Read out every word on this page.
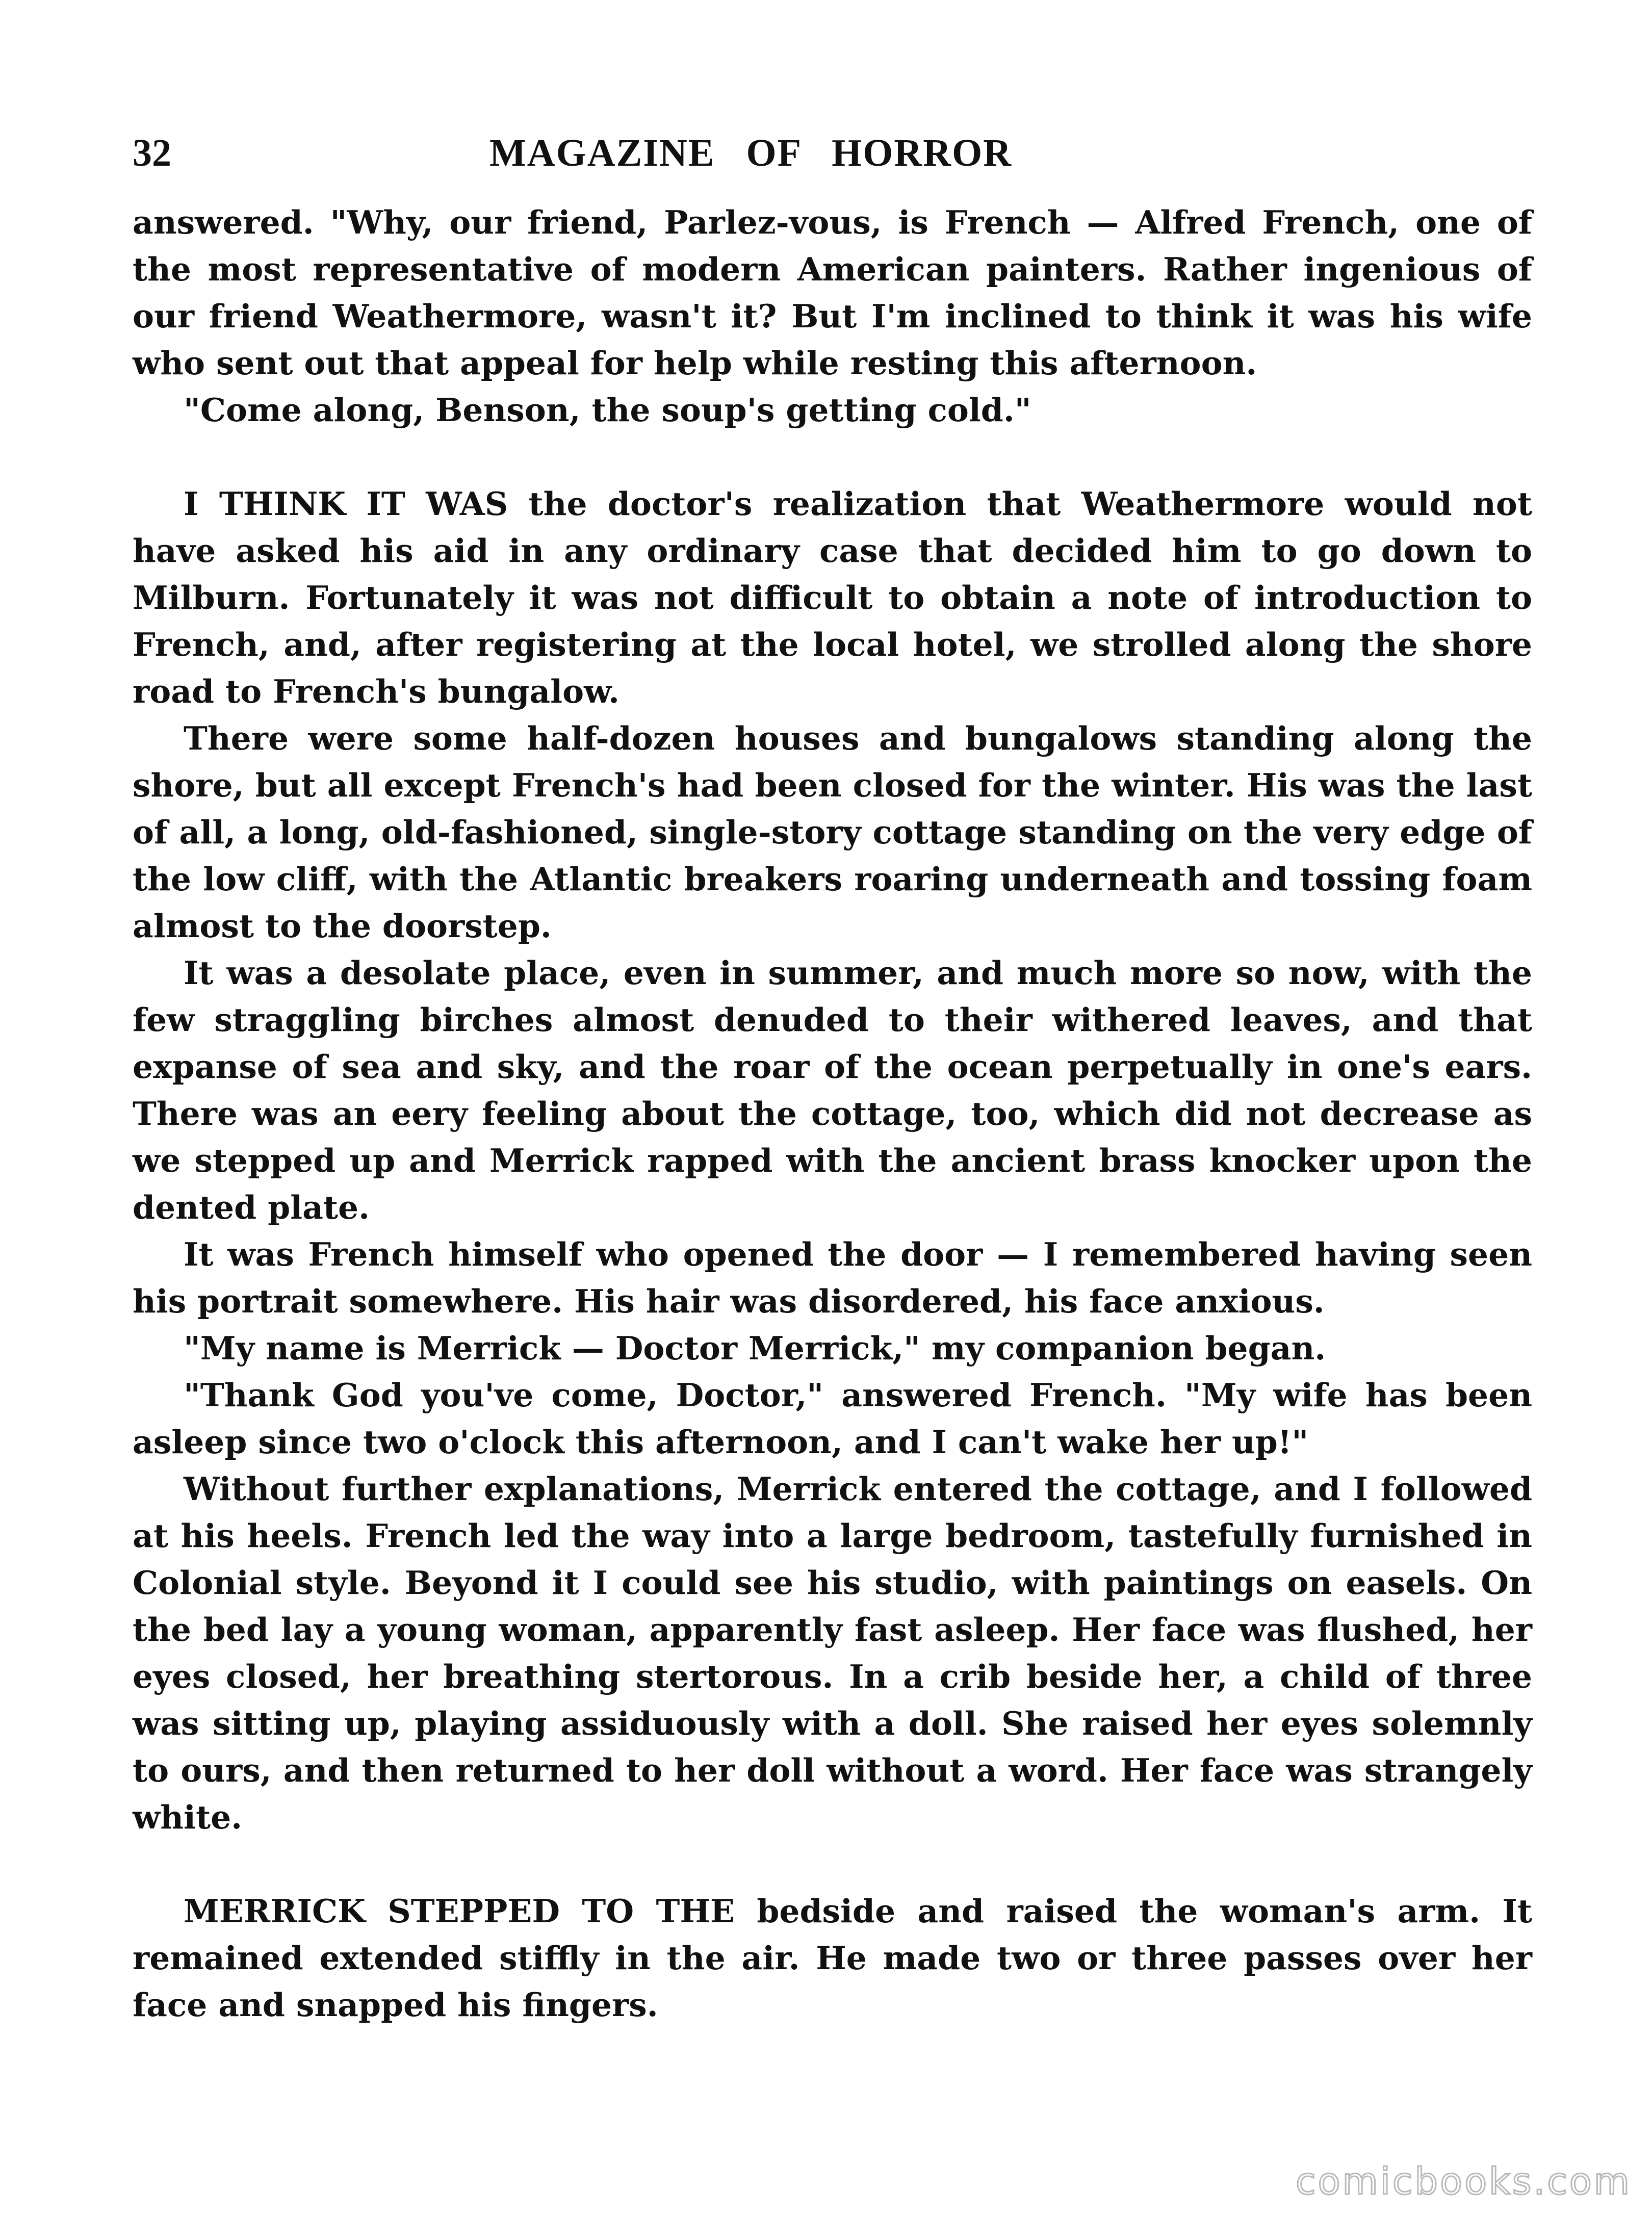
32	MAGAZINE OF HORROR

answered. "Why, our friend, Parlez-vous, is French — Alfred French, one of the most representative of modern American painters. Rather ingenious of our friend Weathermore, wasn't it? But I'm inclined to think it was his wife who sent out that appeal for help while resting this afternoon.

"Come along, Benson, the soup's getting cold."

I THINK IT WAS the doctor's realization that Weathermore would not have asked his aid in any ordinary case that decided him to go down to Milburn. Fortunately it was not difficult to obtain a note of introduction to French, and, after registering at the local hotel, we strolled along the shore road to French's bungalow.

There were some half-dozen houses and bungalows standing along the shore, but all except French's had been closed for the winter. His was the last of all, a long, old-fashioned, single-story cottage standing on the very edge of the low cliff, with the Atlantic breakers roaring underneath and tossing foam almost to the doorstep.

It was a desolate place, even in summer, and much more so now, with the few straggling birches almost denuded to their withered leaves, and that expanse of sea and sky, and the roar of the ocean perpetually in one's ears. There was an eery feeling about the cottage, too, which did not decrease as we stepped up and Merrick rapped with the ancient brass knocker upon the dented plate.

It was French himself who opened the door — I remembered having seen his portrait somewhere. His hair was disordered, his face anxious.

"My name is Merrick — Doctor Merrick," my companion began.

"Thank God you've come, Doctor," answered French. "My wife has been asleep since two o'clock this afternoon, and I can't wake her up!"

Without further explanations, Merrick entered the cottage, and I followed at his heels. French led the way into a large bedroom, tastefully furnished in Colonial style. Beyond it I could see his studio, with paintings on easels. On the bed lay a young woman, apparently fast asleep. Her face was flushed, her eyes closed, her breathing stertorous. In a crib beside her, a child of three was sitting up, playing assiduously with a doll. She raised her eyes solemnly to ours, and then returned to her doll without a word. Her face was strangely white.

MERRICK STEPPED TO THE bedside and raised the woman's arm. It remained extended stiffly in the air. He made two or three passes over her face and snapped his fingers.

comicbooks.com
